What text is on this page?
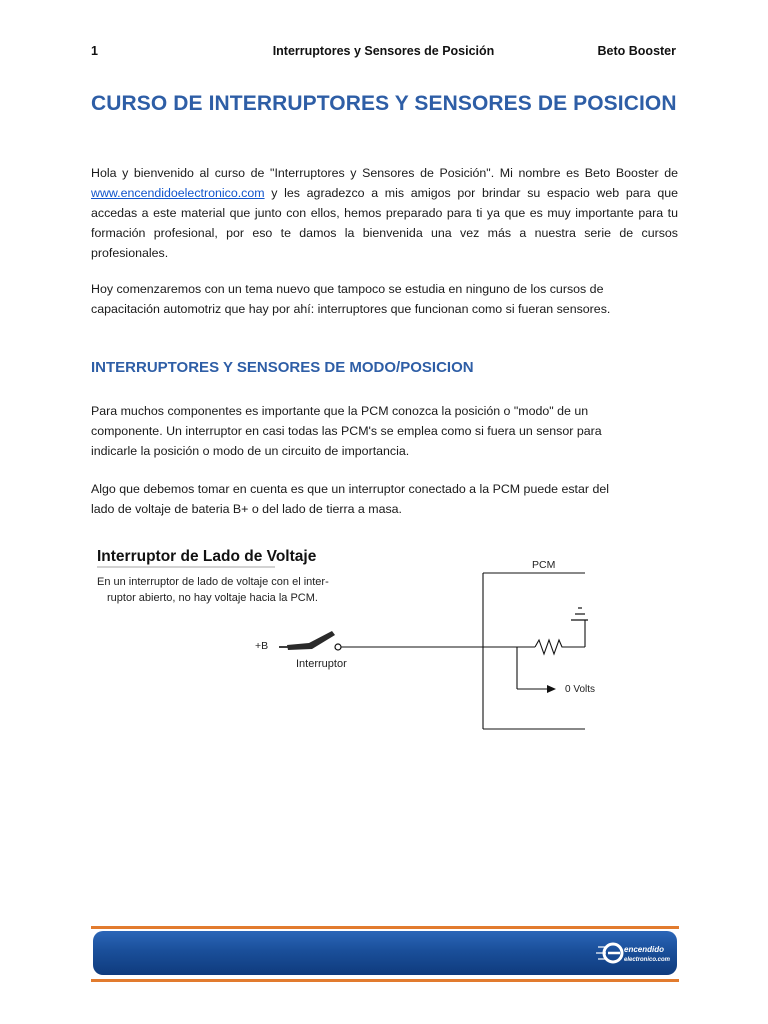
1	Interruptores y Sensores de Posición	Beto Booster
CURSO DE INTERRUPTORES Y SENSORES DE POSICION

Hola y bienvenido al curso de "Interruptores y Sensores de Posición". Mi nombre es Beto Booster de www.encendidoelectronico.com y les agradezco a mis amigos por brindar su espacio web para que accedas a este material que junto con ellos, hemos preparado para ti ya que es muy importante para tu formación profesional, por eso te damos la bienvenida una vez más a nuestra serie de cursos profesionales.

Hoy comenzaremos con un tema nuevo que tampoco se estudia en ninguno de los cursos de capacitación automotriz que hay por ahí: interruptores que funcionan como si fueran sensores.

INTERRUPTORES Y SENSORES DE MODO/POSICION

Para muchos componentes es importante que la PCM conozca la posición o "modo" de un componente. Un interruptor en casi todas las PCM's se emplea como si fuera un sensor para indicarle la posición o modo de un circuito de importancia.

Algo que debemos tomar en cuenta es que un interruptor conectado a la PCM puede estar del lado de voltaje de bateria B+ o del lado de tierra a masa.

Interruptor de Lado de Voltaje
En un interruptor de lado de voltaje con el inter-
ruptor abierto, no hay voltaje hacia la PCM.
+B
Interruptor
0 Volts
PCM
encendido
electronico.com
